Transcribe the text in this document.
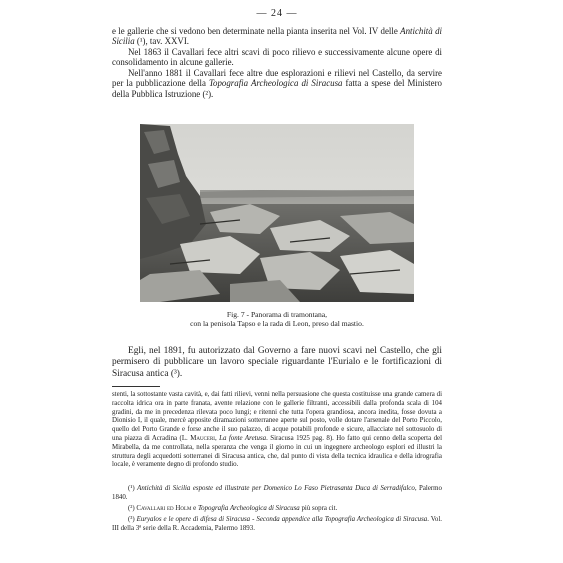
— 24 —
e le gallerie che si vedono ben determinate nella pianta inserita nel Vol. IV delle Antichità di Sicilia (¹), tav. XXVI.
Nel 1863 il Cavallari fece altri scavi di poco rilievo e successivamente alcune opere di consolidamento in alcune gallerie.
Nell'anno 1881 il Cavallari fece altre due esplorazioni e rilievi nel Castello, da servire per la pubblicazione della Topografia Archeologica di Siracusa fatta a spese del Ministero della Pubblica Istruzione (²).
Fig. 7 - Panorama di tramontana,
con la penisola Tapso e la rada di Leon, preso dal mastio.
Egli, nel 1891, fu autorizzato dal Governo a fare nuovi scavi nel Castello, che gli permisero di pubblicare un lavoro speciale riguardante l'Eurialo e le fortificazioni di Siracusa antica (³).
stenti, la sottostante vasta cavità, e, dai fatti rilievi, venni nella persuasione che questa costituisse una grande camera di raccolta idrica ora in parte franata, avente relazione con le gallerie filtranti, accessibili dalla profonda scala di 104 gradini, da me in precedenza rilevata poco lungi; e ritenni che tutta l'opera grandiosa, ancora inedita, fosse dovuta a Dionisio I, il quale, mercè apposite diramazioni sotterranee aperte sul posto, volle dotare l'arsenale del Porto Piccolo, quello del Porto Grande e forse anche il suo palazzo, di acque potabili profonde e sicure, allacciate nel sottosuolo di una piazza di Acradina (L. Mauceri, La fonte Aretusa. Siracusa 1925 pag. 8). Ho fatto qui cenno della scoperta del Mirabella, da me controllata, nella speranza che venga il giorno in cui un ingegnere archeologo esplori ed illustri la struttura degli acquedotti sotterranei di Siracusa antica, che, dal punto di vista della tecnica idraulica e della idrografia locale, è veramente degno di profondo studio.
(¹) Antichità di Sicilia esposte ed illustrate per Domenico Lo Faso Pietrasanta Duca di Serradifalco, Palermo 1840.
(²) Cavallari ed Holm e Topografia Archeologica di Siracusa più sopra cit.
(³) Euryalos e le opere di difesa di Siracusa - Seconda appendice alla Topografia Archeologica di Siracusa. Vol. III della 3ª serie della R. Accademia, Palermo 1893.
